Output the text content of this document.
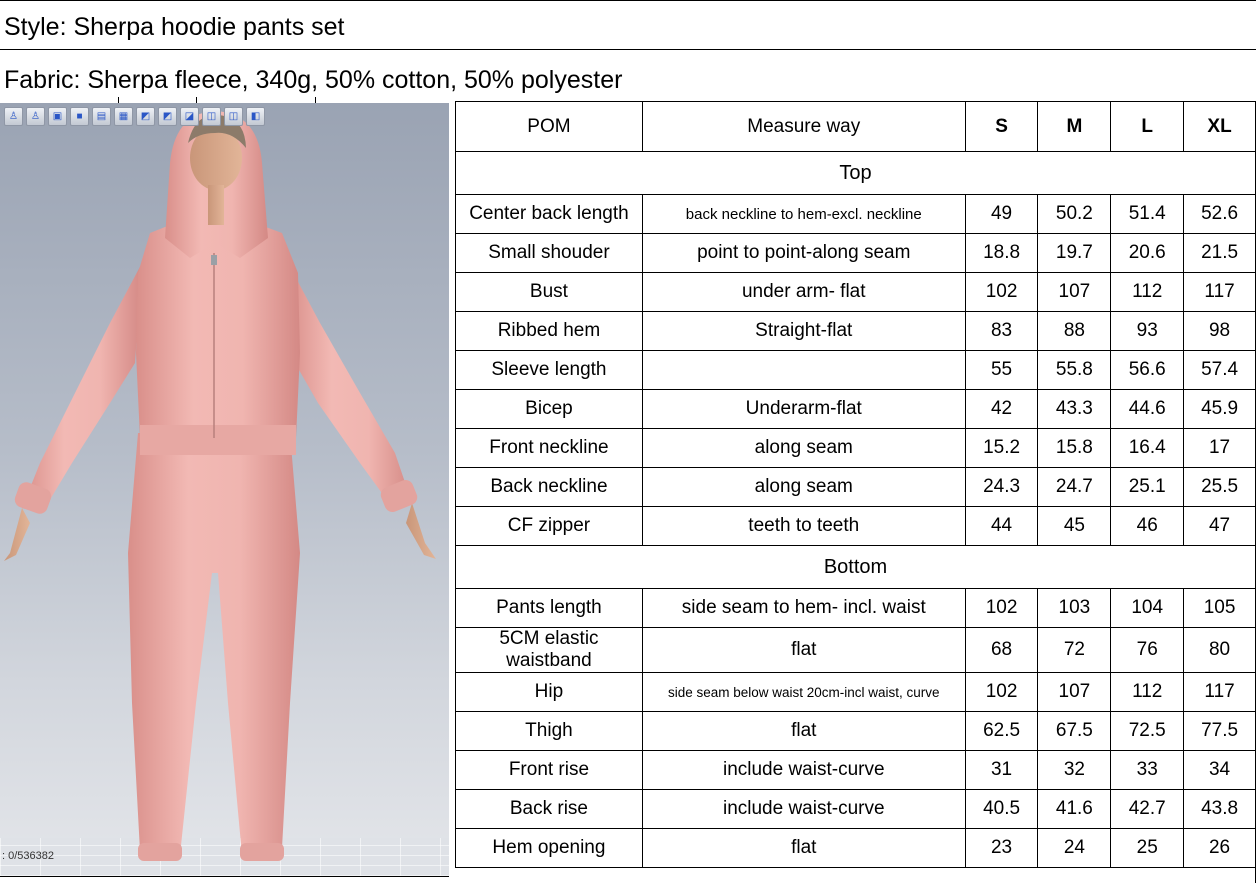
Style: Sherpa hoodie pants set
Fabric: Sherpa fleece, 340g, 50% cotton, 50% polyester
♙	♙	▣	■	▤	▦	◩	◩	◪	◫	◫	◧
: 0/536382
POM	Measure way	S	M	L	XL
Top					
Center back length	back neckline to hem-excl. neckline	49	50.2	51.4	52.6
Small shouder	point to point-along seam	18.8	19.7	20.6	21.5
Bust	under arm- flat	102	107	112	117
Ribbed hem	Straight-flat	83	88	93	98
Sleeve length		55	55.8	56.6	57.4
Bicep	Underarm-flat	42	43.3	44.6	45.9
Front neckline	along seam	15.2	15.8	16.4	17
Back neckline	along seam	24.3	24.7	25.1	25.5
CF zipper	teeth to teeth	44	45	46	47
Bottom					
Pants length	side seam to hem- incl. waist	102	103	104	105
5CM elastic waistband	flat	68	72	76	80
Hip	side seam below waist 20cm-incl waist, curve	102	107	112	117
Thigh	flat	62.5	67.5	72.5	77.5
Front rise	include waist-curve	31	32	33	34
Back rise	include waist-curve	40.5	41.6	42.7	43.8
Hem opening	flat	23	24	25	26
